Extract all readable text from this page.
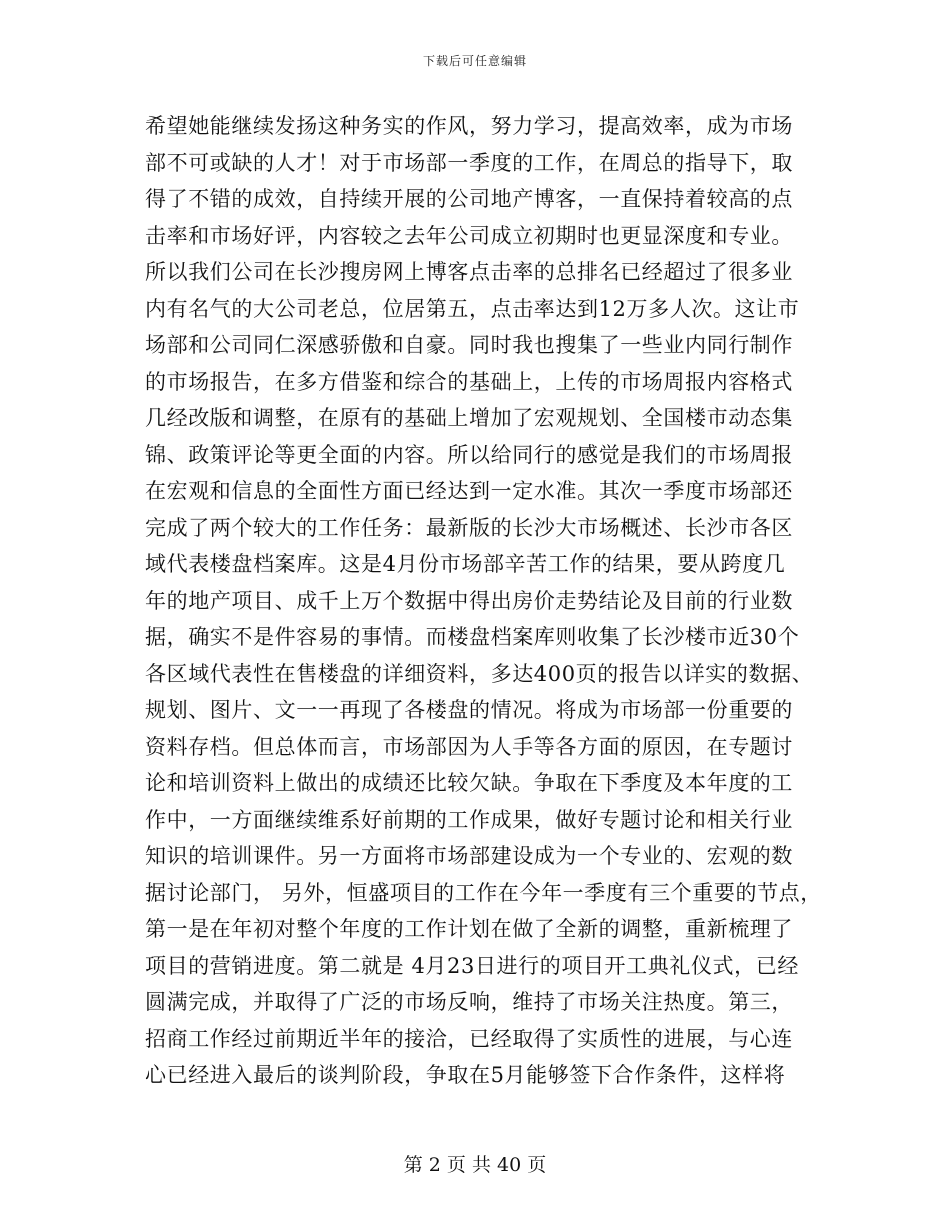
下载后可任意编辑
希望她能继续发扬这种务实的作风，努力学习，提高效率，成为市场
部不可或缺的人才！对于市场部一季度的工作，在周总的指导下，取
得了不错的成效，自持续开展的公司地产博客，一直保持着较高的点
击率和市场好评，内容较之去年公司成立初期时也更显深度和专业。
所以我们公司在长沙搜房网上博客点击率的总排名已经超过了很多业
内有名气的大公司老总，位居第五，点击率达到12万多人次。这让市
场部和公司同仁深感骄傲和自豪。同时我也搜集了一些业内同行制作
的市场报告，在多方借鉴和综合的基础上，上传的市场周报内容格式
几经改版和调整，在原有的基础上增加了宏观规划、全国楼市动态集
锦、政策评论等更全面的内容。所以给同行的感觉是我们的市场周报
在宏观和信息的全面性方面已经达到一定水准。其次一季度市场部还
完成了两个较大的工作任务：最新版的长沙大市场概述、长沙市各区
域代表楼盘档案库。这是4月份市场部辛苦工作的结果，要从跨度几
年的地产项目、成千上万个数据中得出房价走势结论及目前的行业数
据，确实不是件容易的事情。而楼盘档案库则收集了长沙楼市近30个
各区域代表性在售楼盘的详细资料，多达400页的报告以详实的数据、
规划、图片、文一一再现了各楼盘的情况。将成为市场部一份重要的
资料存档。但总体而言，市场部因为人手等各方面的原因，在专题讨
论和培训资料上做出的成绩还比较欠缺。争取在下季度及本年度的工
作中，一方面继续维系好前期的工作成果，做好专题讨论和相关行业
知识的培训课件。另一方面将市场部建设成为一个专业的、宏观的数
据讨论部门， 另外，恒盛项目的工作在今年一季度有三个重要的节点，
第一是在年初对整个年度的工作计划在做了全新的调整，重新梳理了
项目的营销进度。第二就是 4月23日进行的项目开工典礼仪式，已经
圆满完成，并取得了广泛的市场反响，维持了市场关注热度。第三，
招商工作经过前期近半年的接洽，已经取得了实质性的进展，与心连
心已经进入最后的谈判阶段，争取在5月能够签下合作条件，这样将
第 2 页 共 40 页
